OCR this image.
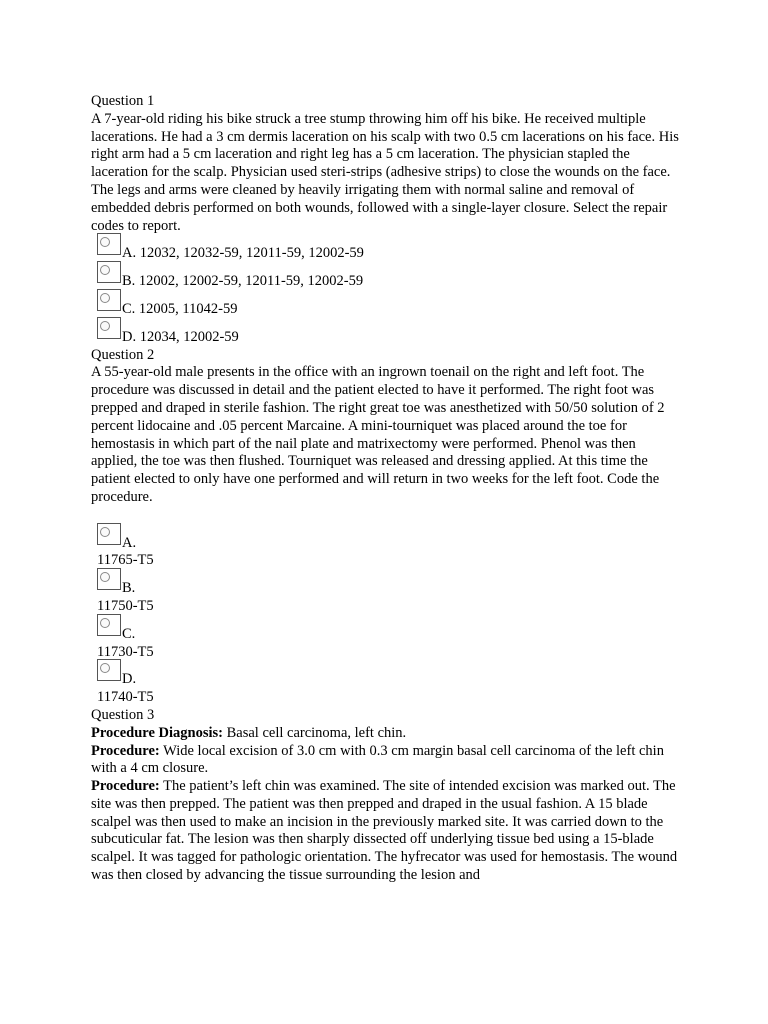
Question 1

A 7-year-old riding his bike struck a tree stump throwing him off his bike. He received multiple lacerations. He had a 3 cm dermis laceration on his scalp with two 0.5 cm lacerations on his face. His right arm had a 5 cm laceration and right leg has a 5 cm laceration. The physician stapled the laceration for the scalp. Physician used steri-strips (adhesive strips) to close the wounds on the face. The legs and arms were cleaned by heavily irrigating them with normal saline and removal of embedded debris performed on both wounds, followed with a single-layer closure. Select the repair codes to report.

A. 12032, 12032-59, 12011-59, 12002-59
B. 12002, 12002-59, 12011-59, 12002-59
C. 12005, 11042-59
D. 12034, 12002-59

Question 2

A 55-year-old male presents in the office with an ingrown toenail on the right and left foot. The procedure was discussed in detail and the patient elected to have it performed. The right foot was prepped and draped in sterile fashion. The right great toe was anesthetized with 50/50 solution of 2 percent lidocaine and .05 percent Marcaine. A mini-tourniquet was placed around the toe for hemostasis in which part of the nail plate and matrixectomy were performed. Phenol was then applied, the toe was then flushed. Tourniquet was released and dressing applied. At this time the patient elected to only have one performed and will return in two weeks for the left foot. Code the procedure.

A. 11765-T5
B. 11750-T5
C. 11730-T5
D. 11740-T5

Question 3

Procedure Diagnosis: Basal cell carcinoma, left chin.

Procedure: Wide local excision of 3.0 cm with 0.3 cm margin basal cell carcinoma of the left chin with a 4 cm closure.

Procedure: The patient’s left chin was examined. The site of intended excision was marked out. The site was then prepped. The patient was then prepped and draped in the usual fashion. A 15 blade scalpel was then used to make an incision in the previously marked site. It was carried down to the subcuticular fat. The lesion was then sharply dissected off underlying tissue bed using a 15-blade scalpel. It was tagged for pathologic orientation. The hyfrecator was used for hemostasis. The wound was then closed by advancing the tissue surrounding the lesion and
